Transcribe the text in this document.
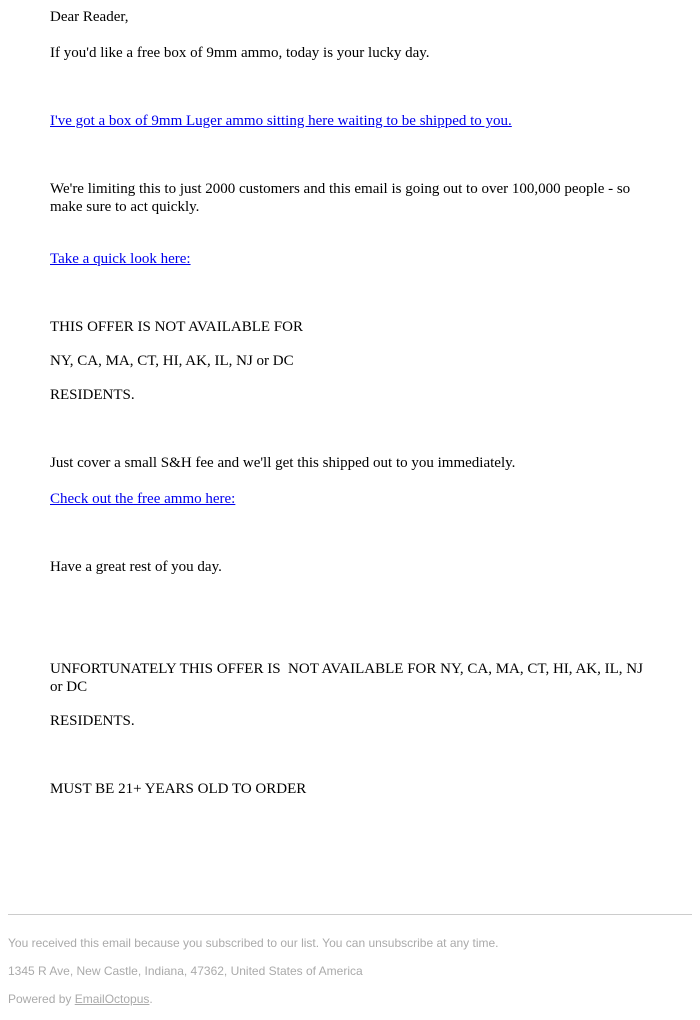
Dear Reader,

If you'd like a free box of 9mm ammo, today is your lucky day.

I've got a box of 9mm Luger ammo sitting here waiting to be shipped to you.

We're limiting this to just 2000 customers and this email is going out to over 100,000 people - so make sure to act quickly.

Take a quick look here:

THIS OFFER IS NOT AVAILABLE FOR

NY, CA, MA, CT, HI, AK, IL, NJ or DC

RESIDENTS.

Just cover a small S&H fee and we'll get this shipped out to you immediately.

Check out the free ammo here:

Have a great rest of you day.

UNFORTUNATELY THIS OFFER IS  NOT AVAILABLE FOR NY, CA, MA, CT, HI, AK, IL, NJ or DC

RESIDENTS.

MUST BE 21+ YEARS OLD TO ORDER

You received this email because you subscribed to our list. You can unsubscribe at any time.

1345 R Ave, New Castle, Indiana, 47362, United States of America

Powered by EmailOctopus.
